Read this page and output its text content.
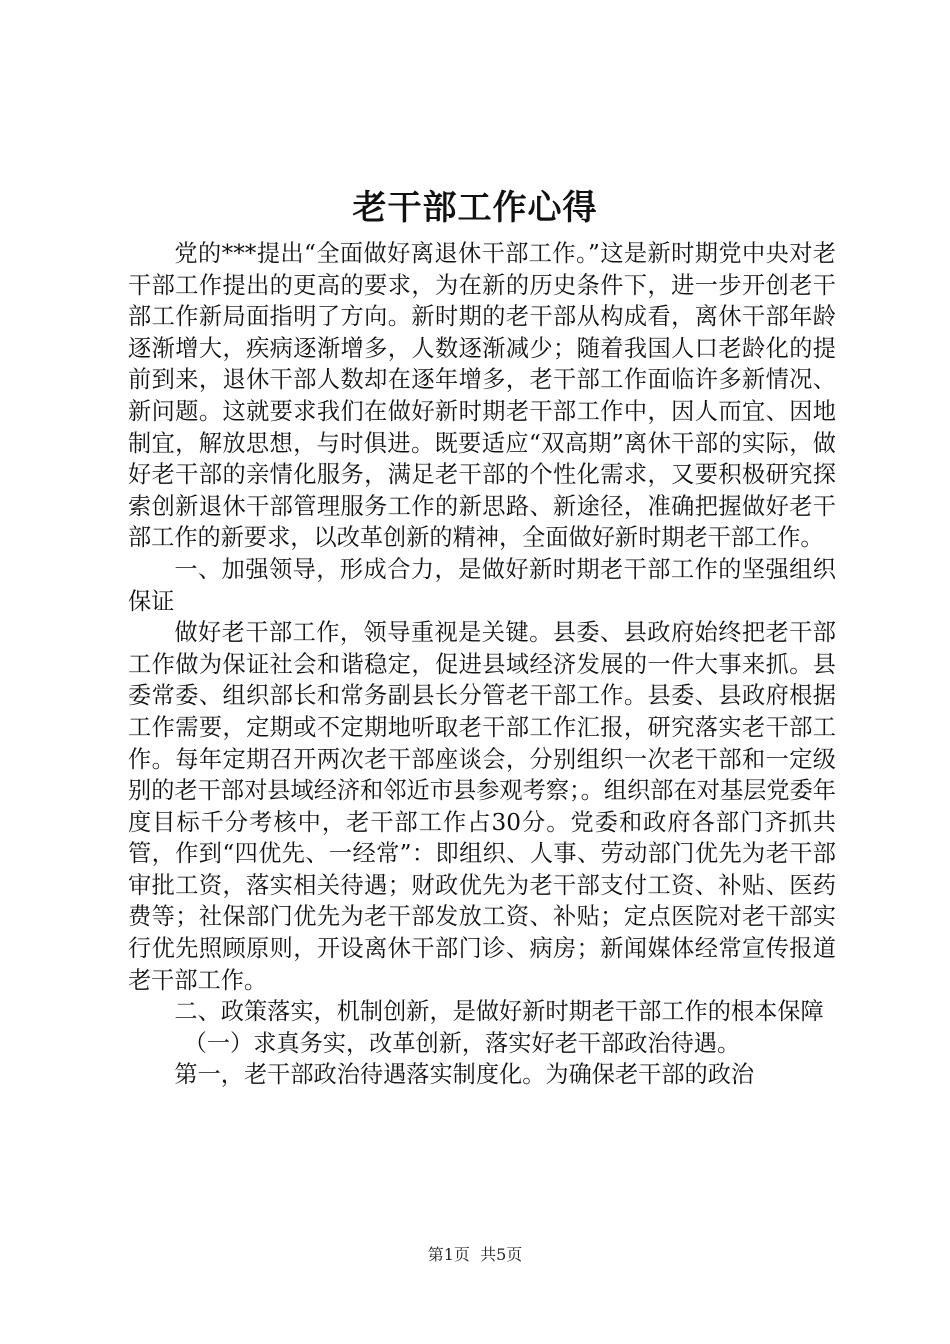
老干部工作心得

党的***提出“全面做好离退休干部工作。”这是新时期党中央对老干部工作提出的更高的要求，为在新的历史条件下，进一步开创老干部工作新局面指明了方向。新时期的老干部从构成看，离休干部年龄逐渐增大，疾病逐渐增多，人数逐渐减少；随着我国人口老龄化的提前到来，退休干部人数却在逐年增多，老干部工作面临许多新情况、新问题。这就要求我们在做好新时期老干部工作中，因人而宜、因地制宜，解放思想，与时俱进。既要适应“双高期”离休干部的实际，做好老干部的亲情化服务，满足老干部的个性化需求，又要积极研究探索创新退休干部管理服务工作的新思路、新途径，准确把握做好老干部工作的新要求，以改革创新的精神，全面做好新时期老干部工作。

一、加强领导，形成合力，是做好新时期老干部工作的坚强组织保证

做好老干部工作，领导重视是关键。县委、县政府始终把老干部工作做为保证社会和谐稳定，促进县域经济发展的一件大事来抓。县委常委、组织部长和常务副县长分管老干部工作。县委、县政府根据工作需要，定期或不定期地听取老干部工作汇报，研究落实老干部工作。每年定期召开两次老干部座谈会，分别组织一次老干部和一定级别的老干部对县域经济和邻近市县参观考察；。组织部在对基层党委年度目标千分考核中，老干部工作占30分。党委和政府各部门齐抓共管，作到“四优先、一经常”：即组织、人事、劳动部门优先为老干部审批工资，落实相关待遇；财政优先为老干部支付工资、补贴、医药费等；社保部门优先为老干部发放工资、补贴；定点医院对老干部实行优先照顾原则，开设离休干部门诊、病房；新闻媒体经常宣传报道老干部工作。

二、政策落实，机制创新，是做好新时期老干部工作的根本保障

（一）求真务实，改革创新，落实好老干部政治待遇。

第一，老干部政治待遇落实制度化。为确保老干部的政治

第1页 共5页
